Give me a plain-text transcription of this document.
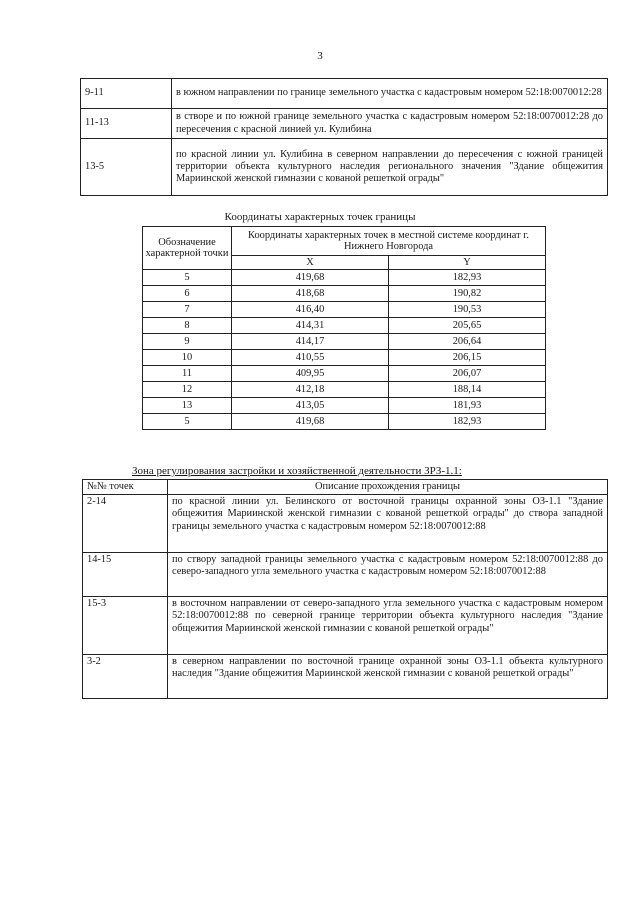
3
9-11	в южном направлении по границе земельного участка с кадастровым номером 52:18:0070012:28
11-13	в створе и по южной границе земельного участка с кадастровым номером 52:18:0070012:28 до пересечения с красной линией ул. Кулибина
13-5	по красной линии ул. Кулибина в северном направлении до пересечения с южной границей территории объекта культурного наследия регионального значения "Здание общежития Мариинской женской гимназии с кованой решеткой ограды"
Координаты характерных точек границы
Обозначение характерной точки	Координаты характерных точек в местной системе координат г. Нижнего Новгорода	
	X	Y
5	419,68	182,93
6	418,68	190,82
7	416,40	190,53
8	414,31	205,65
9	414,17	206,64
10	410,55	206,15
11	409,95	206,07
12	412,18	188,14
13	413,05	181,93
5	419,68	182,93
Зона регулирования застройки и хозяйственной деятельности ЗРЗ-1.1:
№№ точек	Описание прохождения границы
2-14	по красной линии ул. Белинского от восточной границы охранной зоны ОЗ-1.1 "Здание общежития Мариинской женской гимназии с кованой решеткой ограды" до створа западной границы земельного участка с кадастровым номером 52:18:0070012:88
14-15	по створу западной границы земельного участка с кадастровым номером 52:18:0070012:88 до северо-западного угла земельного участка с кадастровым номером 52:18:0070012:88
15-3	в восточном направлении от северо-западного угла земельного участка с кадастровым номером 52:18:0070012:88 по северной границе территории объекта культурного наследия "Здание общежития Мариинской женской гимназии с кованой решеткой ограды"
3-2	в северном направлении по восточной границе охранной зоны ОЗ-1.1 объекта культурного наследия "Здание общежития Мариинской женской гимназии с кованой решеткой ограды"
